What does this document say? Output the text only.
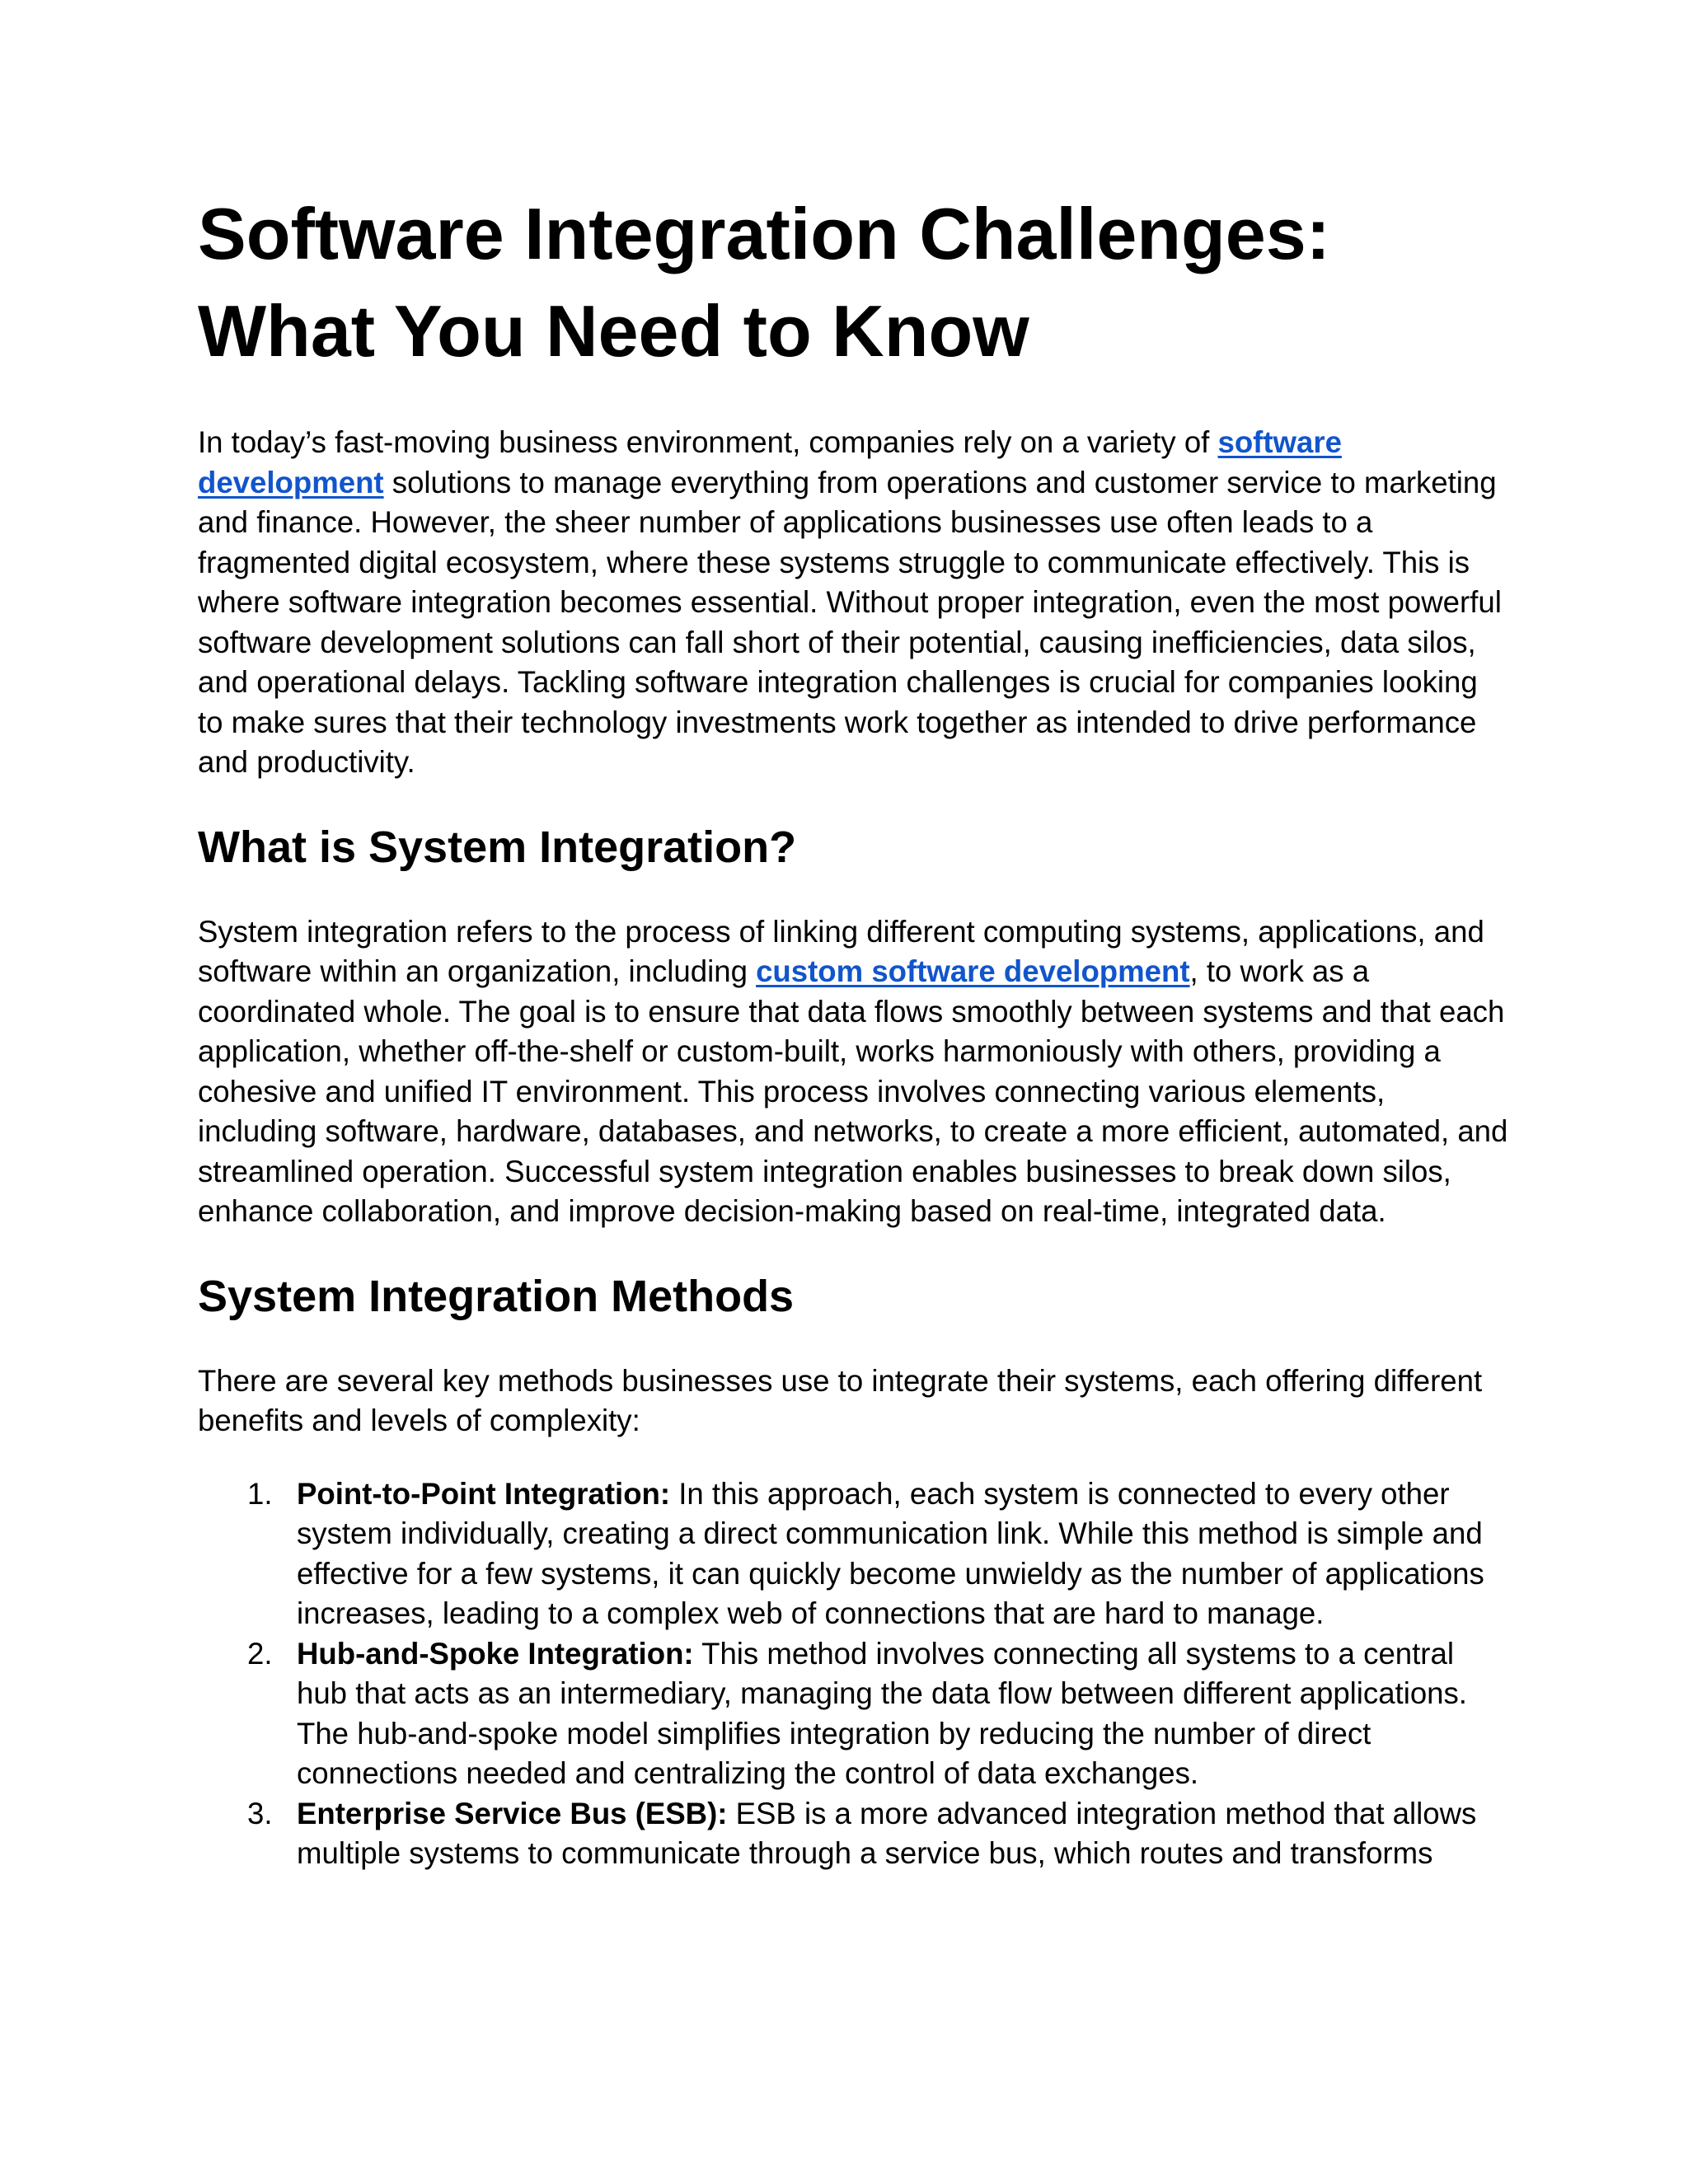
Software Integration Challenges: What You Need to Know

In today’s fast-moving business environment, companies rely on a variety of software development solutions to manage everything from operations and customer service to marketing and finance. However, the sheer number of applications businesses use often leads to a fragmented digital ecosystem, where these systems struggle to communicate effectively. This is where software integration becomes essential. Without proper integration, even the most powerful software development solutions can fall short of their potential, causing inefficiencies, data silos, and operational delays. Tackling software integration challenges is crucial for companies looking to make sures that their technology investments work together as intended to drive performance and productivity.

What is System Integration?

System integration refers to the process of linking different computing systems, applications, and software within an organization, including custom software development, to work as a coordinated whole. The goal is to ensure that data flows smoothly between systems and that each application, whether off-the-shelf or custom-built, works harmoniously with others, providing a cohesive and unified IT environment. This process involves connecting various elements, including software, hardware, databases, and networks, to create a more efficient, automated, and streamlined operation. Successful system integration enables businesses to break down silos, enhance collaboration, and improve decision-making based on real-time, integrated data.

System Integration Methods

There are several key methods businesses use to integrate their systems, each offering different benefits and levels of complexity:

1. Point-to-Point Integration: In this approach, each system is connected to every other system individually, creating a direct communication link. While this method is simple and effective for a few systems, it can quickly become unwieldy as the number of applications increases, leading to a complex web of connections that are hard to manage.
2. Hub-and-Spoke Integration: This method involves connecting all systems to a central hub that acts as an intermediary, managing the data flow between different applications. The hub-and-spoke model simplifies integration by reducing the number of direct connections needed and centralizing the control of data exchanges.
3. Enterprise Service Bus (ESB): ESB is a more advanced integration method that allows multiple systems to communicate through a service bus, which routes and transforms
